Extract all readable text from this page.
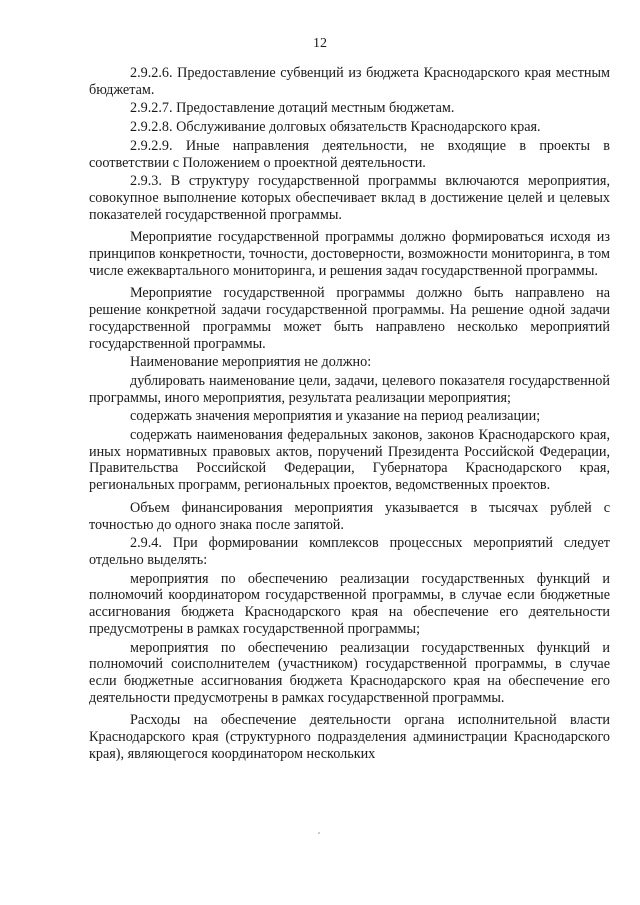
12

2.9.2.6. Предоставление субвенций из бюджета Краснодарского края местным бюджетам.

2.9.2.7. Предоставление дотаций местным бюджетам.

2.9.2.8. Обслуживание долговых обязательств Краснодарского края.

2.9.2.9. Иные направления деятельности, не входящие в проекты в соответствии с Положением о проектной деятельности.

2.9.3. В структуру государственной программы включаются мероприятия, совокупное выполнение которых обеспечивает вклад в достижение целей и целевых показателей государственной программы.

Мероприятие государственной программы должно формироваться исходя из принципов конкретности, точности, достоверности, возможности мониторинга, в том числе ежеквартального мониторинга, и решения задач государственной программы.

Мероприятие государственной программы должно быть направлено на решение конкретной задачи государственной программы. На решение одной задачи государственной программы может быть направлено несколько мероприятий государственной программы.

Наименование мероприятия не должно:

дублировать наименование цели, задачи, целевого показателя государственной программы, иного мероприятия, результата реализации мероприятия;

содержать значения мероприятия и указание на период реализации;

содержать наименования федеральных законов, законов Краснодарского края, иных нормативных правовых актов, поручений Президента Российской Федерации, Правительства Российской Федерации, Губернатора Краснодарского края, региональных программ, региональных проектов, ведомственных проектов.

Объем финансирования мероприятия указывается в тысячах рублей с точностью до одного знака после запятой.

2.9.4. При формировании комплексов процессных мероприятий следует отдельно выделять:

мероприятия по обеспечению реализации государственных функций и полномочий координатором государственной программы, в случае если бюджетные ассигнования бюджета Краснодарского края на обеспечение его деятельности предусмотрены в рамках государственной программы;

мероприятия по обеспечению реализации государственных функций и полномочий соисполнителем (участником) государственной программы, в случае если бюджетные ассигнования бюджета Краснодарского края на обеспечение его деятельности предусмотрены в рамках государственной программы.

Расходы на обеспечение деятельности органа исполнительной власти Краснодарского края (структурного подразделения администрации Краснодарского края), являющегося координатором нескольких
